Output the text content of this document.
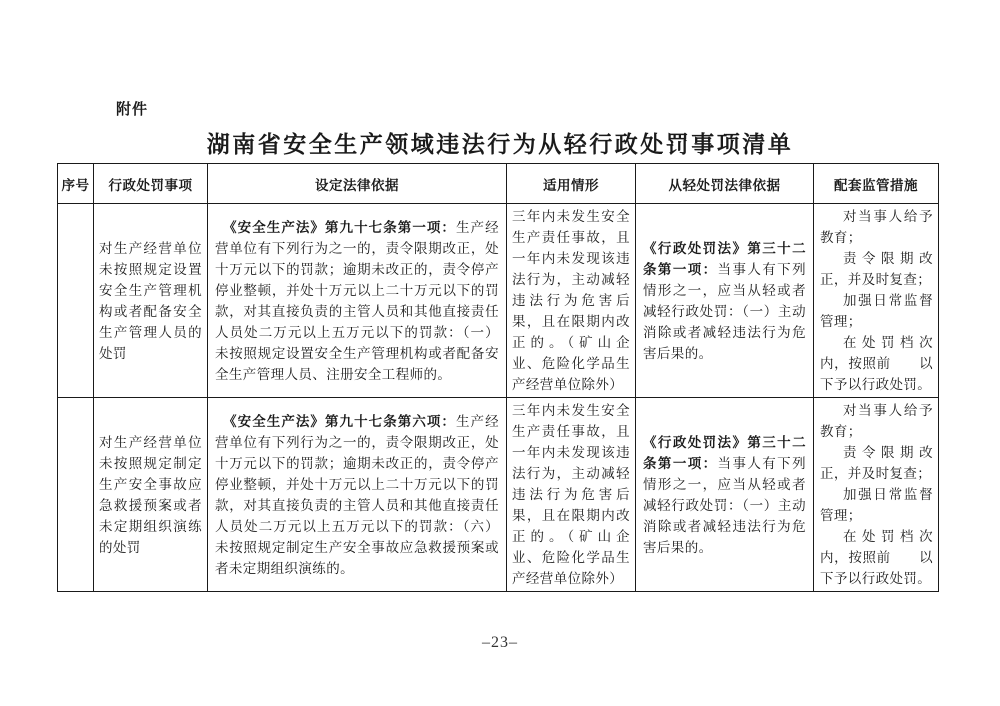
附件
湖南省安全生产领域违法行为从轻行政处罚事项清单
序号	行政处罚事项	设定法律依据	适用情形	从轻处罚法律依据	配套监管措施
	对生产经营单位未按照规定设置安全生产管理机构或者配备安全生产管理人员的处罚	《安全生产法》第九十七条第一项：生产经营单位有下列行为之一的，责令限期改正，处十万元以下的罚款；逾期未改正的，责令停产停业整顿，并处十万元以上二十万元以下的罚款，对其直接负责的主管人员和其他直接责任人员处二万元以上五万元以下的罚款：（一）未按照规定设置安全生产管理机构或者配备安全生产管理人员、注册安全工程师的。	三年内未发生安全生产责任事故，且一年内未发现该违法行为，主动减轻违法行为危害后果，且在限期内改正的。（矿山企业、危险化学品生产经营单位除外）	《行政处罚法》第三十二条第一项：当事人有下列情形之一，应当从轻或者减轻行政处罚：（一）主动消除或者减轻违法行为危害后果的。	对当事人给予教育；

责令限期改正，并及时复查；

加强日常监督管理；

在处罚档次内，按照前　　以下予以行政处罚。

	对生产经营单位未按照规定制定生产安全事故应急救援预案或者未定期组织演练的处罚	《安全生产法》第九十七条第六项：生产经营单位有下列行为之一的，责令限期改正，处十万元以下的罚款；逾期未改正的，责令停产停业整顿，并处十万元以上二十万元以下的罚款，对其直接负责的主管人员和其他直接责任人员处二万元以上五万元以下的罚款：（六）未按照规定制定生产安全事故应急救援预案或者未定期组织演练的。	三年内未发生安全生产责任事故，且一年内未发现该违法行为，主动减轻违法行为危害后果，且在限期内改正的。（矿山企业、危险化学品生产经营单位除外）	《行政处罚法》第三十二条第一项：当事人有下列情形之一，应当从轻或者减轻行政处罚：（一）主动消除或者减轻违法行为危害后果的。	对当事人给予教育；

责令限期改正，并及时复查；

加强日常监督管理；

在处罚档次内，按照前　　以下予以行政处罚。

–23–
